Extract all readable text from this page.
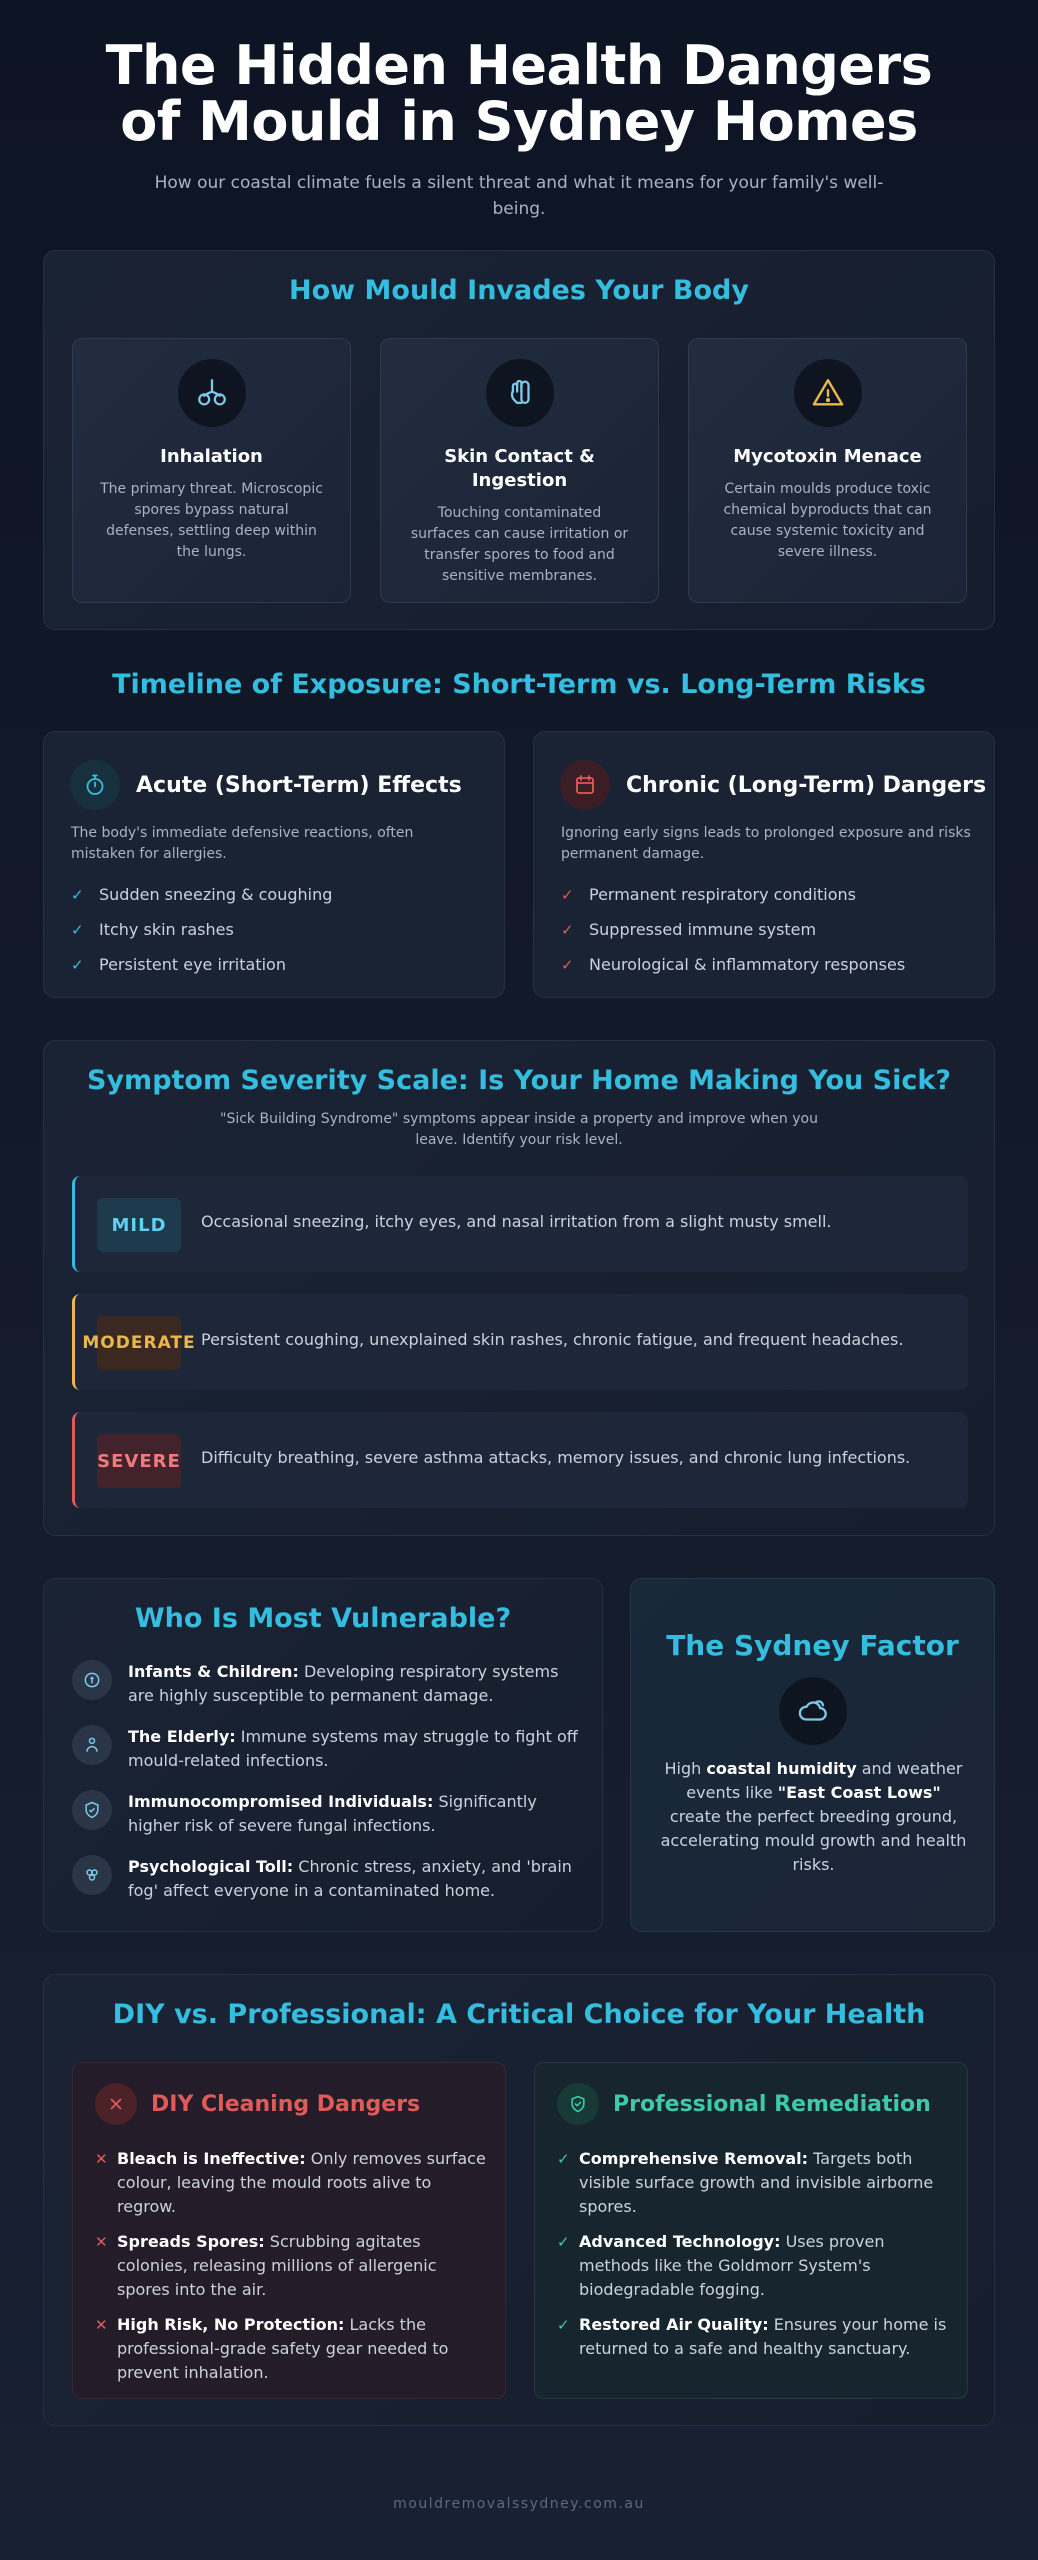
The Hidden Health Dangers of Mould in Sydney Homes

How our coastal climate fuels a silent threat and what it means for your family's well-being.

How Mould Invades Your Body
Inhalation

The primary threat. Microscopic spores bypass natural defenses, settling deep within the lungs.

Skin Contact & Ingestion

Touching contaminated surfaces can cause irritation or transfer spores to food and sensitive membranes.

Mycotoxin Menace

Certain moulds produce toxic chemical byproducts that can cause systemic toxicity and severe illness.

Timeline of Exposure: Short-Term vs. Long-Term Risks
Acute (Short-Term) Effects
The body's immediate defensive reactions, often mistaken for allergies.
✓ Sudden sneezing & coughing
✓ Itchy skin rashes
✓ Persistent eye irritation
Chronic (Long-Term) Dangers
Ignoring early signs leads to prolonged exposure and risks permanent damage.
✓ Permanent respiratory conditions
✓ Suppressed immune system
✓ Neurological & inflammatory responses
Symptom Severity Scale: Is Your Home Making You Sick?
"Sick Building Syndrome" symptoms appear inside a property and improve when you leave. Identify your risk level.
MILD	Occasional sneezing, itchy eyes, and nasal irritation from a slight musty smell.
MODERATE Persistent coughing, unexplained skin rashes, chronic fatigue, and frequent headaches.
SEVERE Difficulty breathing, severe asthma attacks, memory issues, and chronic lung infections.
Who Is Most Vulnerable?
Infants & Children: Developing respiratory systems are highly susceptible to permanent damage.
The Elderly: Immune systems may struggle to fight off mould-related infections.
Immunocompromised Individuals: Significantly higher risk of severe fungal infections.
Psychological Toll: Chronic stress, anxiety, and 'brain fog' affect everyone in a contaminated home.
The Sydney Factor
High coastal humidity and weather events like "East Coast Lows" create the perfect breeding ground, accelerating mould growth and health risks.
DIY vs. Professional: A Critical Choice for Your Health
DIY Cleaning Dangers
✕ Bleach is Ineffective: Only removes surface colour, leaving the mould roots alive to regrow.
✕ Spreads Spores: Scrubbing agitates colonies, releasing millions of allergenic spores into the air.
✕ High Risk, No Protection: Lacks the professional-grade safety gear needed to prevent inhalation.
Professional Remediation
✓ Comprehensive Removal: Targets both visible surface growth and invisible airborne spores.
✓ Advanced Technology: Uses proven methods like the Goldmorr System's biodegradable fogging.
✓ Restored Air Quality: Ensures your home is returned to a safe and healthy sanctuary.
mouldremovalssydney.com.au
